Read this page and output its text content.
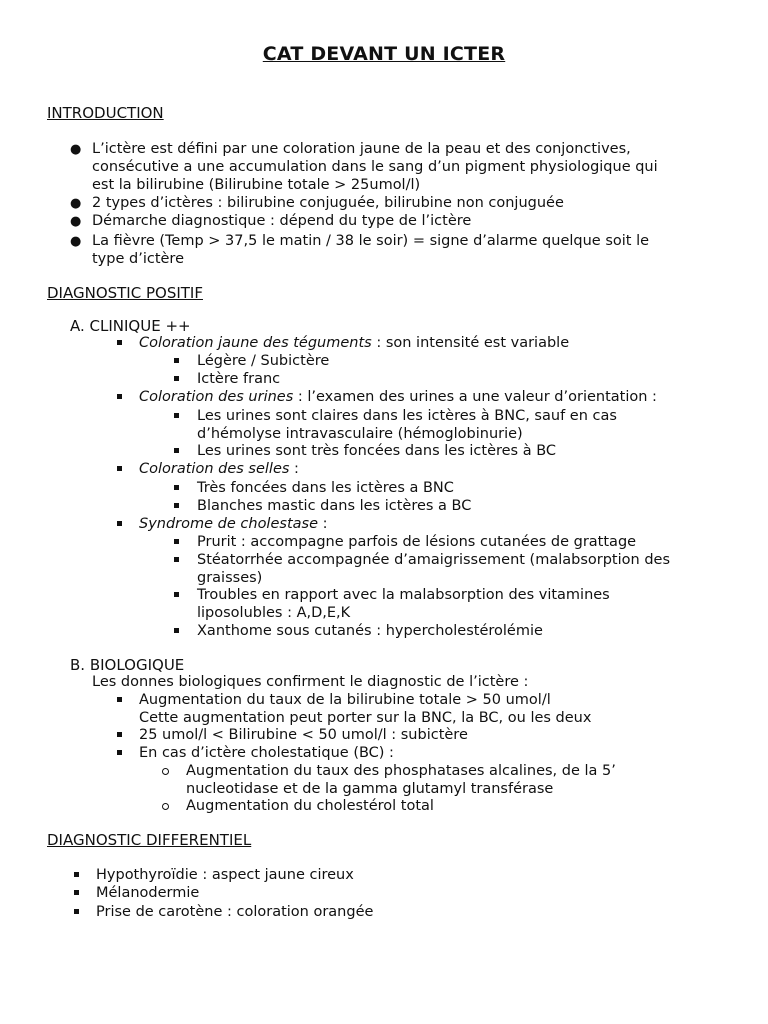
CAT DEVANT UN ICTER
INTRODUCTION
● L’ictère est défini par une coloration jaune de la peau et des conjonctives,
consécutive a une accumulation dans le sang d’un pigment physiologique qui
est la bilirubine (Bilirubine totale > 25umol/l)
● 2 types d’ictères : bilirubine conjuguée, bilirubine non conjuguée
● Démarche diagnostique : dépend du type de l’ictère
● La fièvre (Temp > 37,5 le matin / 38 le soir) = signe d’alarme quelque soit le
type d’ictère
DIAGNOSTIC POSITIF
A. CLINIQUE ++
Coloration jaune des téguments : son intensité est variable
Légère / Subictère
Ictère franc
Coloration des urines : l’examen des urines a une valeur d’orientation :
Les urines sont claires dans les ictères à BNC, sauf en cas
d’hémolyse intravasculaire (hémoglobinurie)
Les urines sont très foncées dans les ictères à BC
Coloration des selles :
Très foncées dans les ictères a BNC
Blanches mastic dans les ictères a BC
Syndrome de cholestase :
Prurit : accompagne parfois de lésions cutanées de grattage
Stéatorrhée accompagnée d’amaigrissement (malabsorption des
graisses)
Troubles en rapport avec la malabsorption des vitamines
liposolubles : A,D,E,K
Xanthome sous cutanés : hypercholestérolémie
B. BIOLOGIQUE
Les donnes biologiques confirment le diagnostic de l’ictère :
Augmentation du taux de la bilirubine totale > 50 umol/l
Cette augmentation peut porter sur la BNC, la BC, ou les deux
25 umol/l < Bilirubine < 50 umol/l : subictère
En cas d’ictère cholestatique (BC) :
Augmentation du taux des phosphatases alcalines, de la 5’
nucleotidase et de la gamma glutamyl transférase
Augmentation du cholestérol total
DIAGNOSTIC DIFFERENTIEL
Hypothyroïdie : aspect jaune cireux
Mélanodermie
Prise de carotène : coloration orangée
